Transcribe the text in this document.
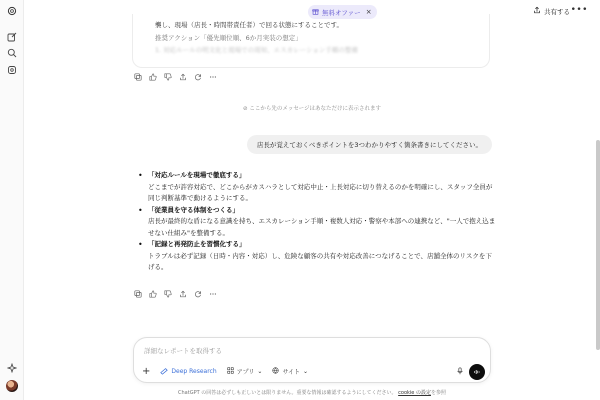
無料オファー ×	共有する •••
襲し、現場（店長・時間帯責任者）で回る状態にすることです。
推奨アクション「優先順位順、6か月実装の想定」
1. 対応ルールの明文化と現場での周知、エスカレーション手順の整備
⊘ ここから先のメッセージはあなただけに表示されます
店長が覚えておくべきポイントを3つわかりやすく箇条書きにしてください。
• 「対応ルールを現場で徹底する」
どこまでが許容対応で、どこからがカスハラとして対応中止・上長対応に切り替えるのかを明確にし、スタッフ全員が同じ判断基準で動けるようにする。
• 「従業員を守る体制をつくる」
店長が最終的な盾になる意識を持ち、エスカレーション手順・複数人対応・警察や本部への連携など、"一人で抱え込ませない仕組み"を整備する。
• 「記録と再発防止を習慣化する」
トラブルは必ず記録（日時・内容・対応）し、危険な顧客の共有や対応改善につなげることで、店舗全体のリスクを下げる。
詳細なレポートを取得する
+	Deep Research	アプリ ⌄	サイト ⌄
ChatGPT の回答は必ずしも正しいとは限りません。重要な情報は確認するようにしてください。 cookie の設定を参照
